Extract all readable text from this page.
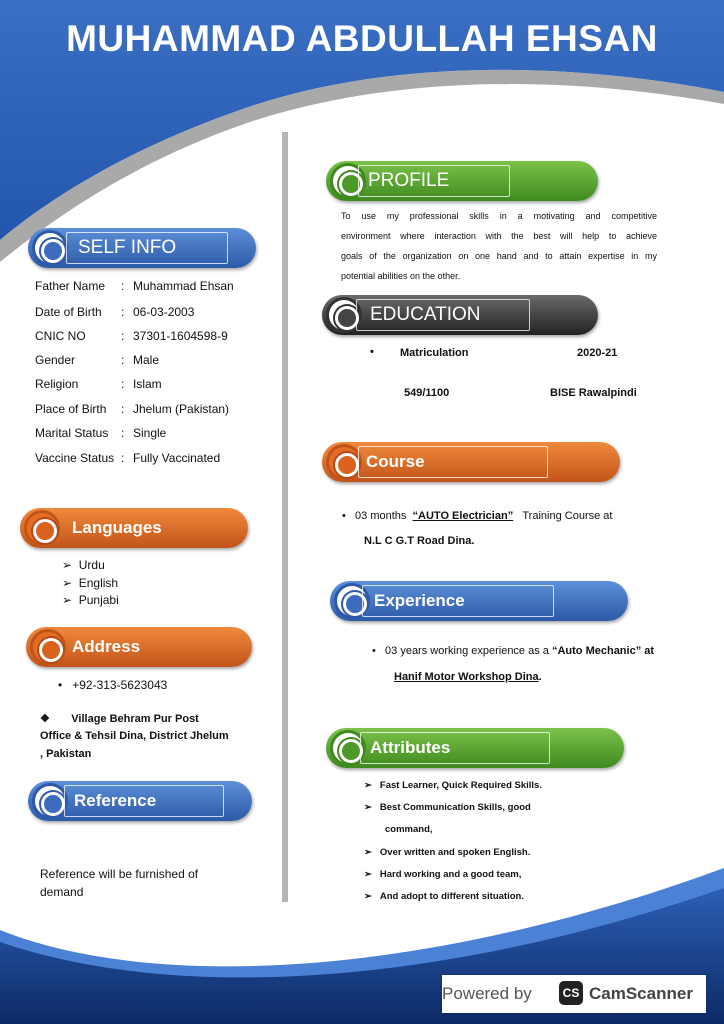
MUHAMMAD ABDULLAH EHSAN
SELF INFO
Father Name : Muhammad Ehsan
Date of Birth : 06-03-2003
CNIC NO	: 37301-1604598-9
Gender	: Male
Religion	: Islam
Place of Birth : Jhelum (Pakistan)
Marital Status : Single
Vaccine Status : Fully Vaccinated
Languages
➢ Urdu
➢ English
➢ Punjabi
Address
• +92-313-5623043
❖ Village Behram Pur Post
Office & Tehsil Dina, District Jhelum
, Pakistan
Reference
Reference will be furnished of
demand
PROFILE
To use my professional skills in a motivating and competitive
environment where interaction with the best will help to achieve
goals of the organization on one hand and to attain expertise in my
potential abilities on the other.
EDUCATION
• Matriculation	2020-21
549/1100	BISE Rawalpindi
Course
• 03 months “AUTO Electrician” Training Course at
N.L C G.T Road Dina.
Experience
• 03 years working experience as a “Auto Mechanic” at
Hanif Motor Workshop Dina.
Attributes
➢ Fast Learner, Quick Required Skills.
➢ Best Communication Skills, good
command,
➢ Over written and spoken English.
➢ Hard working and a good team,
➢ And adopt to different situation.
Powered by	CS CamScanner
